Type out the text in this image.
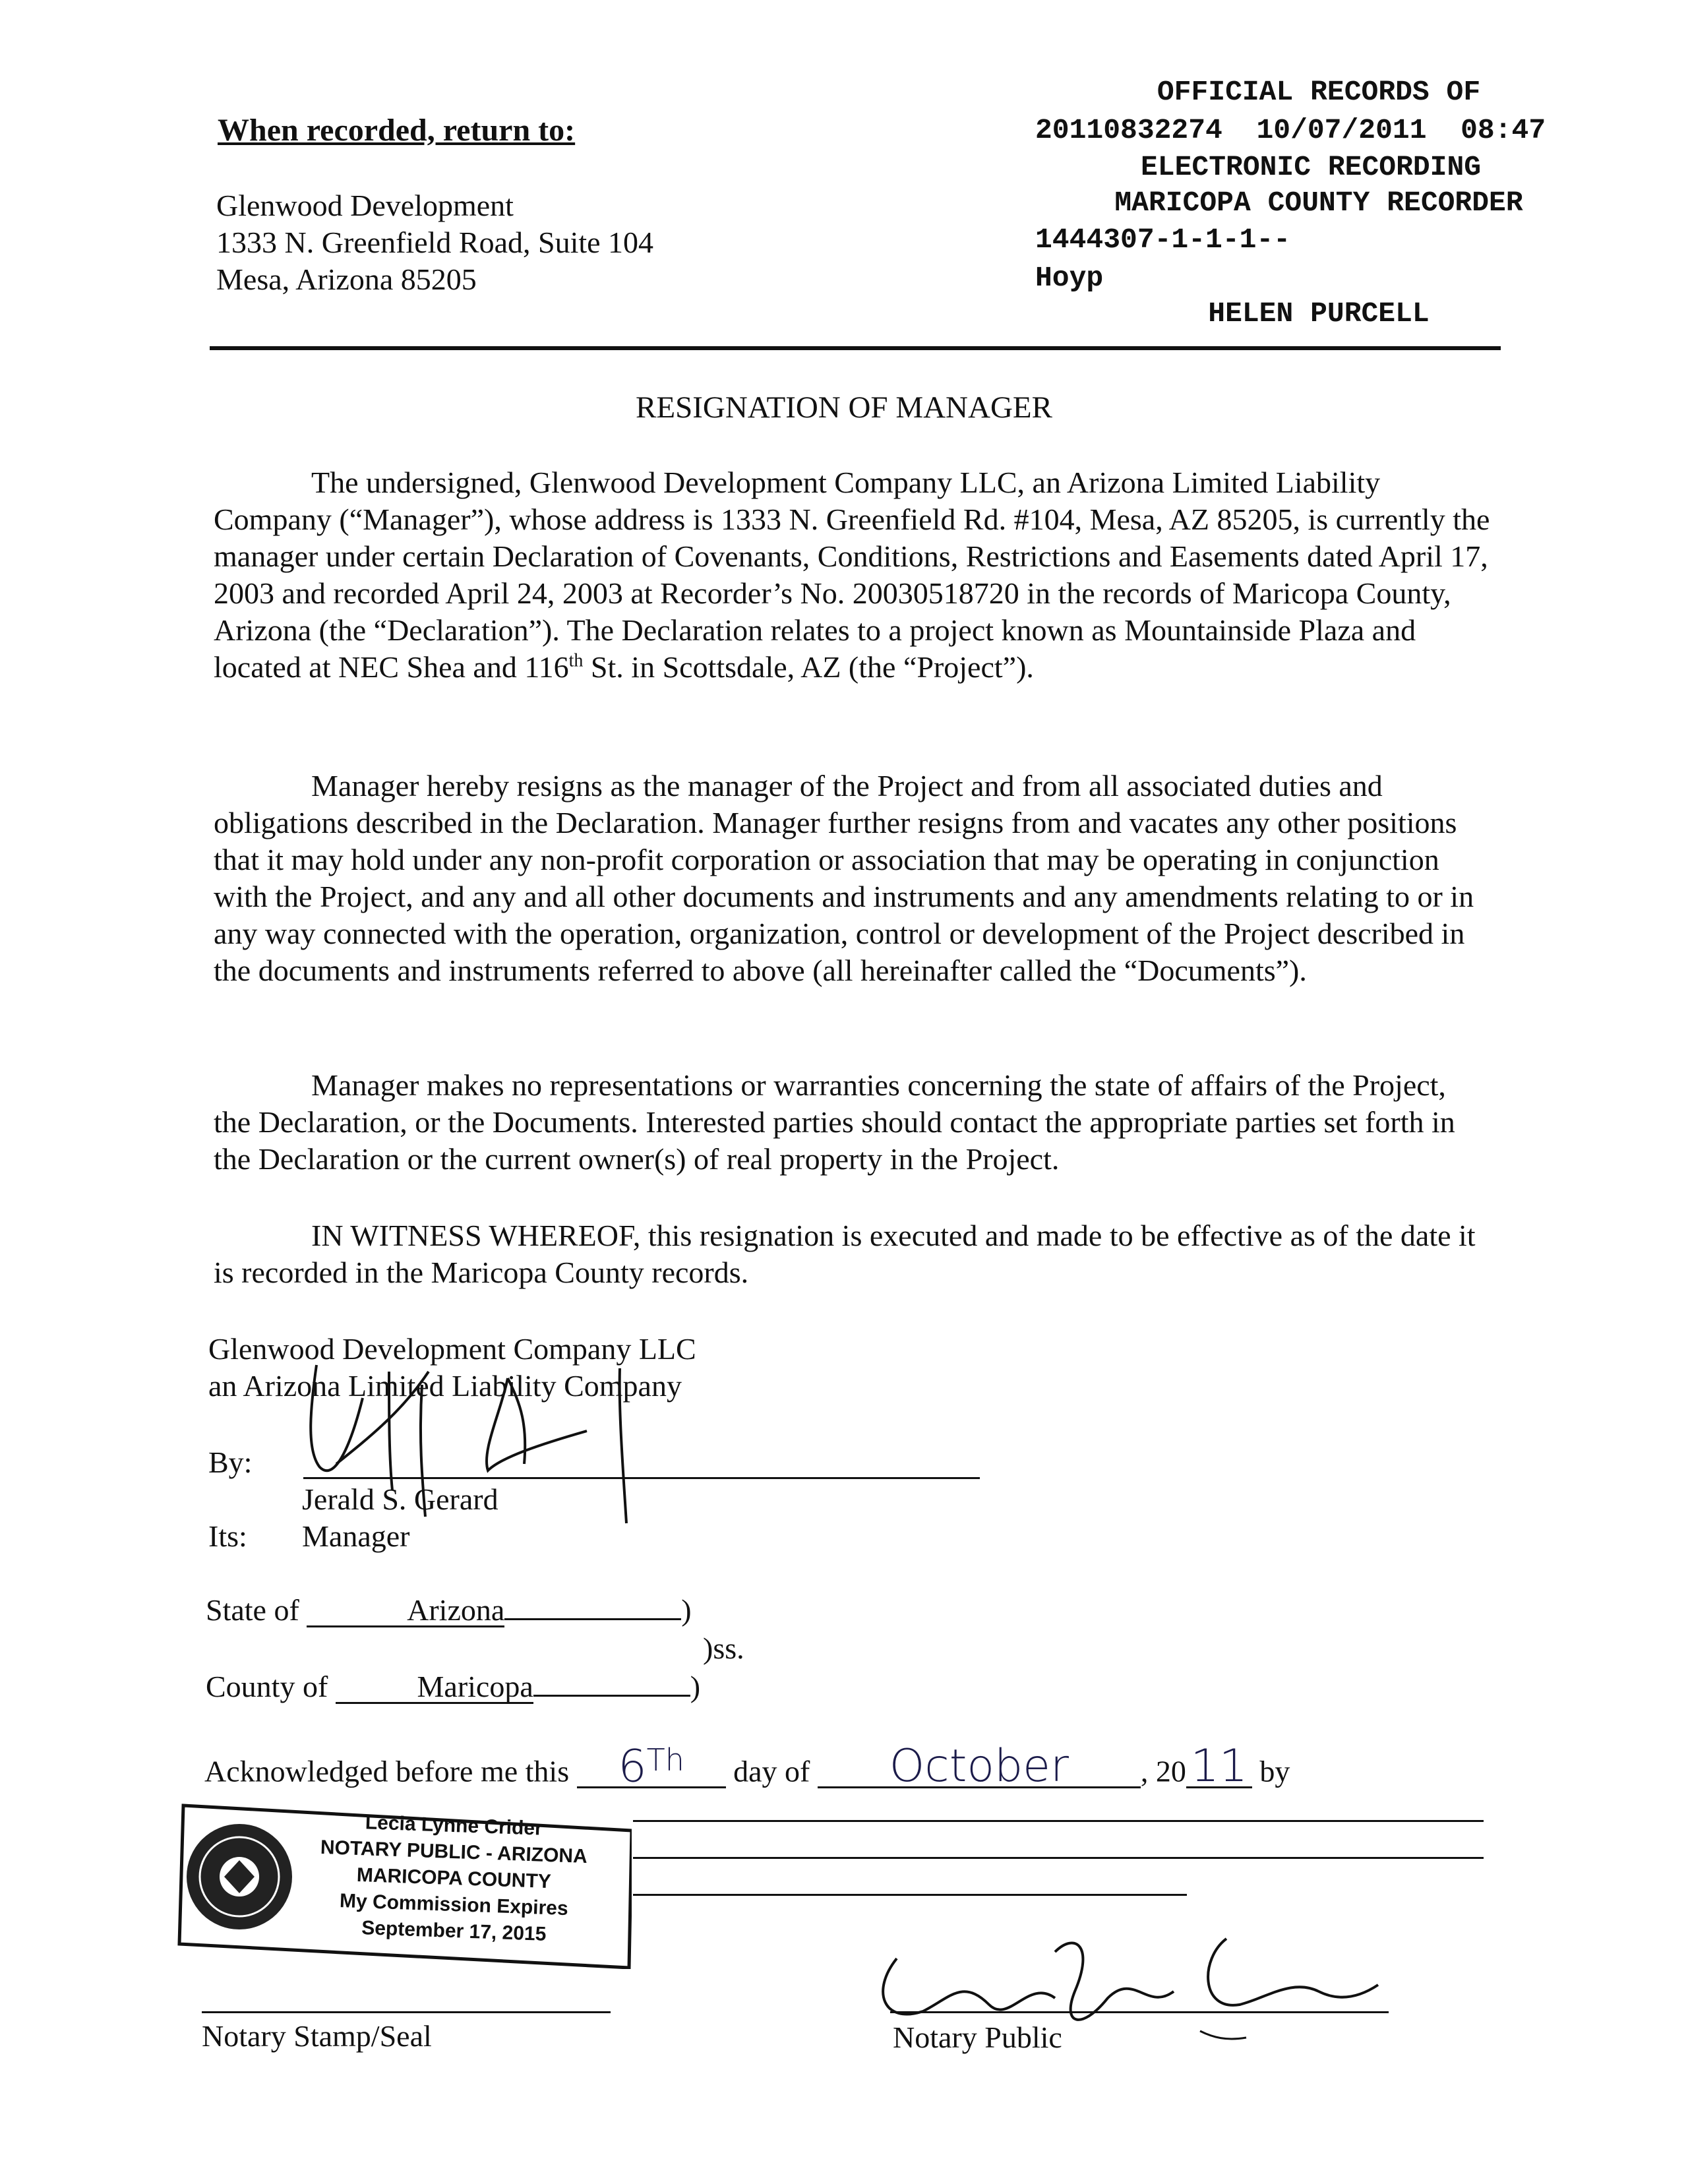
OFFICIAL RECORDS OF

MARICOPA COUNTY RECORDER

HELEN PURCELL

20110832274  10/07/2011  08:47
ELECTRONIC RECORDING
1444307-1-1-1--
Hoyp
When recorded, return to:
Glenwood Development
1333 N. Greenfield Road, Suite 104
Mesa, Arizona 85205
RESIGNATION OF MANAGER

The undersigned, Glenwood Development Company LLC, an Arizona Limited Liability Company (“Manager”), whose address is 1333 N. Greenfield Rd. #104, Mesa, AZ 85205, is currently the manager under certain Declaration of Covenants, Conditions, Restrictions and Easements dated April 17, 2003 and recorded April 24, 2003 at Recorder’s No. 20030518720 in the records of Maricopa County, Arizona (the “Declaration”). The Declaration relates to a project known as Mountainside Plaza and located at NEC Shea and 116th St. in Scottsdale, AZ (the “Project”).

Manager hereby resigns as the manager of the Project and from all associated duties and obligations described in the Declaration. Manager further resigns from and vacates any other positions that it may hold under any non-profit corporation or association that may be operating in conjunction with the Project, and any and all other documents and instruments and any amendments relating to or in any way connected with the operation, organization, control or development of the Project described in the documents and instruments referred to above (all hereinafter called the “Documents”).

Manager makes no representations or warranties concerning the state of affairs of the Project, the Declaration, or the Documents. Interested parties should contact the appropriate parties set forth in the Declaration or the current owner(s) of real property in the Project.

IN WITNESS WHEREOF, this resignation is executed and made to be effective as of the date it is recorded in the Maricopa County records.

Glenwood Development Company LLC
an Arizona Limited Liability Company
By:
Jerald S. Gerard
Its: Manager
State of	Arizona	)
)ss.
County of	Maricopa	)
Acknowledged before me this 6Th day of October , 2011 by
Lecia Lynne Crider
NOTARY PUBLIC - ARIZONA
MARICOPA COUNTY
My Commission Expires
September 17, 2015
Notary Stamp/Seal	Notary Public
